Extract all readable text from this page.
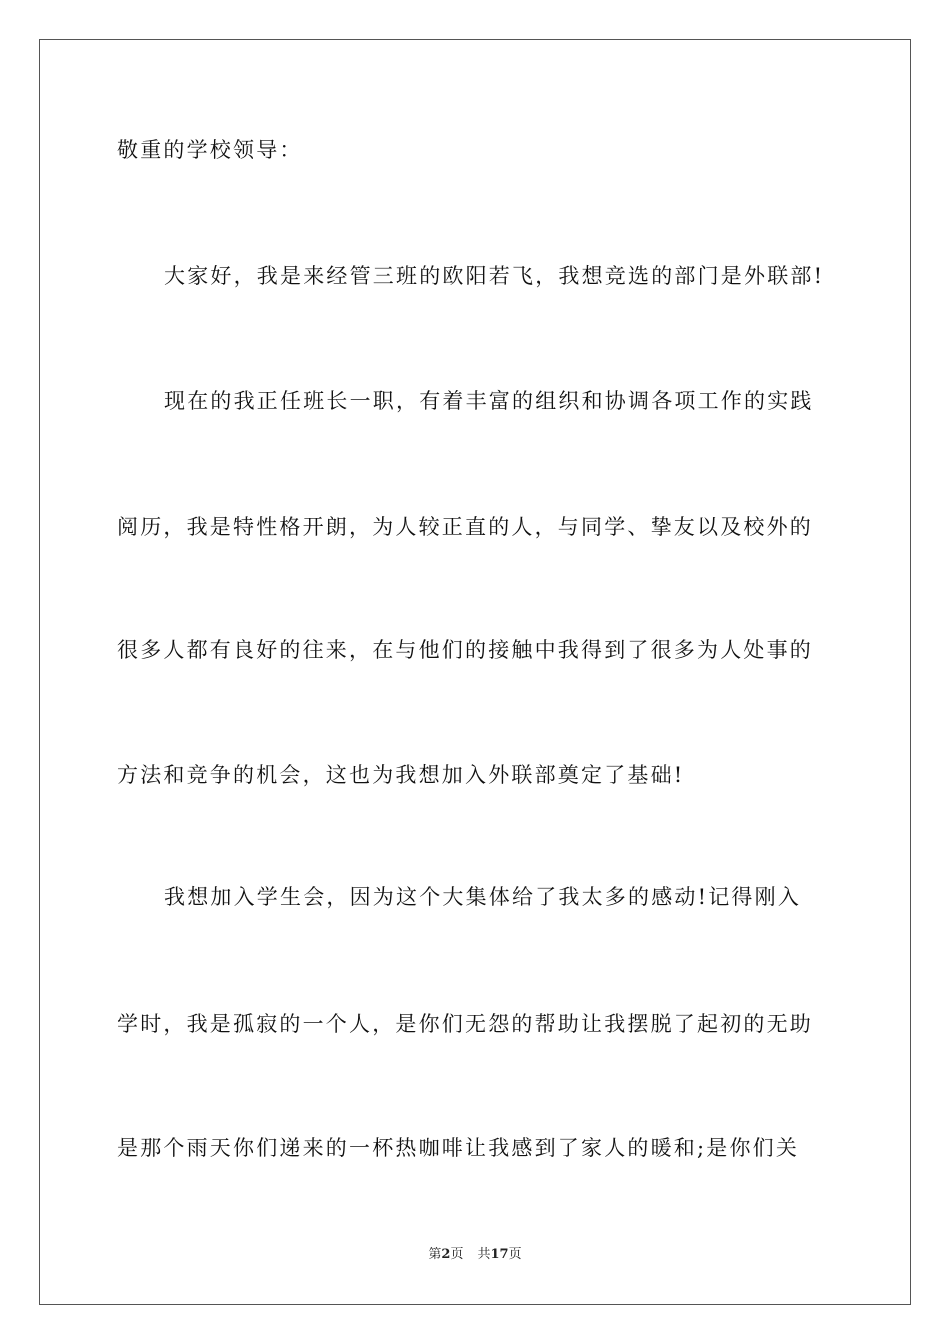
敬重的学校领导：
大家好，我是来经管三班的欧阳若飞，我想竞选的部门是外联部!
现在的我正任班长一职，有着丰富的组织和协调各项工作的实践
阅历，我是特性格开朗，为人较正直的人，与同学、挚友以及校外的
很多人都有良好的往来，在与他们的接触中我得到了很多为人处事的
方法和竞争的机会，这也为我想加入外联部奠定了基础!
我想加入学生会，因为这个大集体给了我太多的感动!记得刚入
学时，我是孤寂的一个人，是你们无怨的帮助让我摆脱了起初的无助
是那个雨天你们递来的一杯热咖啡让我感到了家人的暖和;是你们关
第2页 共17页
